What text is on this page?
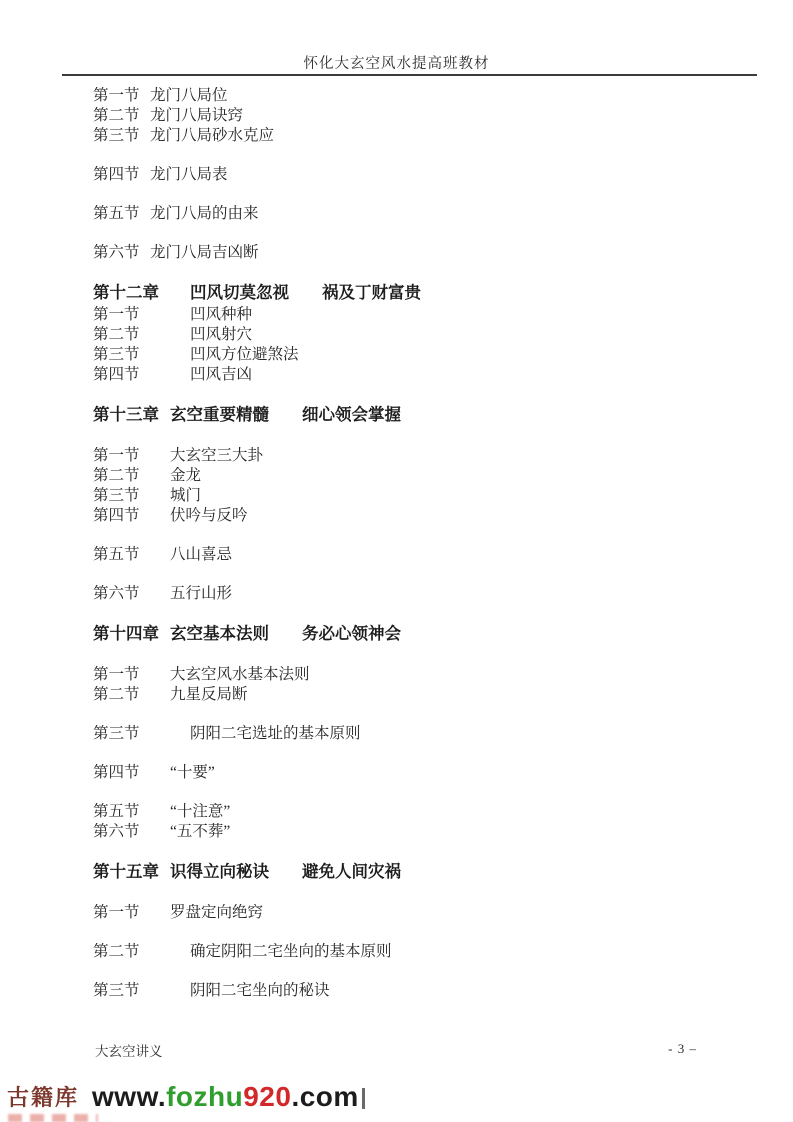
怀化大玄空风水提高班教材
第一节 龙门八局位
第二节 龙门八局诀窍
第三节 龙门八局砂水克应
第四节 龙门八局表
第五节 龙门八局的由来
第六节 龙门八局吉凶断
第十二章	凹风切莫忽视　　祸及丁财富贵
第一节	凹风种种
第二节	凹风射穴
第三节	凹风方位避煞法
第四节	凹风吉凶
第十三章 玄空重要精髓　　细心领会掌握
第一节	大玄空三大卦
第二节	金龙
第三节	城门
第四节	伏吟与反吟
第五节	八山喜忌
第六节	五行山形
第十四章 玄空基本法则　　务必心领神会
第一节	大玄空风水基本法则
第二节	九星反局断
第三节	阴阳二宅选址的基本原则
第四节	“十要”
第五节	“十注意”
第六节	“五不葬”
第十五章 识得立向秘诀　　避免人间灾祸
第一节	罗盘定向绝窍
第二节	确定阴阳二宅坐向的基本原则
第三节	阴阳二宅坐向的秘诀
大玄空讲义	- 3 –
古籍库 www.fozhu920.com
